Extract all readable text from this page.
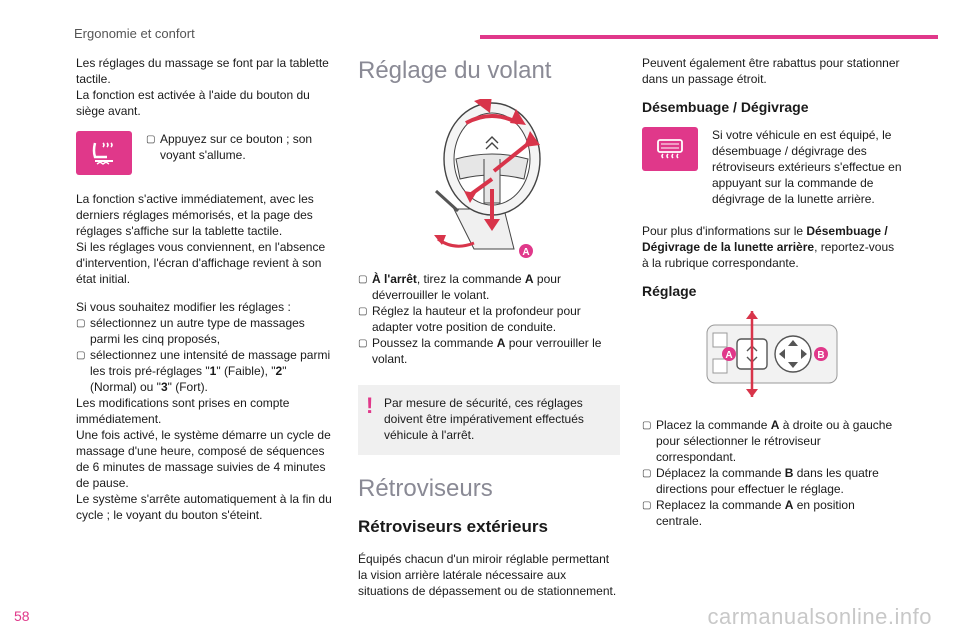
Ergonomie et confort
Les réglages du massage se font par la tablette tactile.
La fonction est activée à l'aide du bouton du siège avant.
▢ Appuyez sur ce bouton ; son voyant s'allume.
La fonction s'active immédiatement, avec les derniers réglages mémorisés, et la page des réglages s'affiche sur la tablette tactile.
Si les réglages vous conviennent, en l'absence d'intervention, l'écran d'affichage revient à son état initial.
Si vous souhaitez modifier les réglages :
▢ sélectionnez un autre type de massages parmi les cinq proposés,
▢ sélectionnez une intensité de massage parmi les trois pré-réglages "1" (Faible), "2" (Normal) ou "3" (Fort).
Les modifications sont prises en compte immédiatement.
Une fois activé, le système démarre un cycle de massage d'une heure, composé de séquences de 6 minutes de massage suivies de 4 minutes de pause.
Le système s'arrête automatiquement à la fin du cycle ; le voyant du bouton s'éteint.
Réglage du volant
A
▢ À l'arrêt, tirez la commande A pour déverrouiller le volant.
▢ Réglez la hauteur et la profondeur pour adapter votre position de conduite.
▢ Poussez la commande A pour verrouiller le volant.
! Par mesure de sécurité, ces réglages doivent être impérativement effectués véhicule à l'arrêt.
Rétroviseurs
Rétroviseurs extérieurs
Équipés chacun d'un miroir réglable permettant la vision arrière latérale nécessaire aux situations de dépassement ou de stationnement.
Peuvent également être rabattus pour stationner dans un passage étroit.
Désembuage / Dégivrage
Si votre véhicule en est équipé, le désembuage / dégivrage des rétroviseurs extérieurs s'effectue en appuyant sur la commande de dégivrage de la lunette arrière.
Pour plus d'informations sur le Désembuage / Dégivrage de la lunette arrière, reportez-vous à la rubrique correspondante.
Réglage
A	B
▢ Placez la commande A à droite ou à gauche pour sélectionner le rétroviseur correspondant.
▢ Déplacez la commande B dans les quatre directions pour effectuer le réglage.
▢ Replacez la commande A en position centrale.
58	carmanualsonline.info
